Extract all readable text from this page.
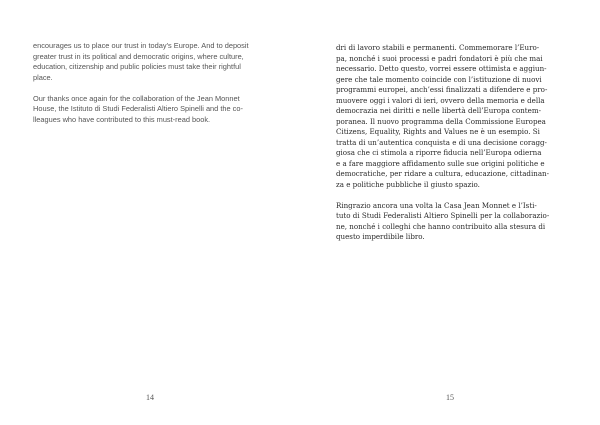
encourages us to place our trust in today’s Europe. And to deposit
greater trust in its political and democratic origins, where culture,
education, citizenship and public policies must take their rightful
place.

Our thanks once again for the collaboration of the Jean Monnet
House, the Istituto di Studi Federalisti Altiero Spinelli and the co-
lleagues who have contributed to this must-read book.

14

dri di lavoro stabili e permanenti. Commemorare l’Euro-
pa, nonché i suoi processi e padri fondatori è più che mai
necessario. Detto questo, vorrei essere ottimista e aggiun-
gere che tale momento coincide con l’istituzione di nuovi
programmi europei, anch’essi finalizzati a difendere e pro-
muovere oggi i valori di ieri, ovvero della memoria e della
democrazia nei diritti e nelle libertà dell’Europa contem-
poranea. Il nuovo programma della Commissione Europea
Citizens, Equality, Rights and Values ne è un esempio. Si
tratta di un’autentica conquista e di una decisione coragg-
giosa che ci stimola a riporre fiducia nell’Europa odierna
e a fare maggiore affidamento sulle sue origini politiche e
democratiche, per ridare a cultura, educazione, cittadinan-
za e politiche pubbliche il giusto spazio.

Ringrazio ancora una volta la Casa Jean Monnet e l’Isti-
tuto di Studi Federalisti Altiero Spinelli per la collaborazio-
ne, nonché i colleghi che hanno contribuito alla stesura di
questo imperdibile libro.

15
